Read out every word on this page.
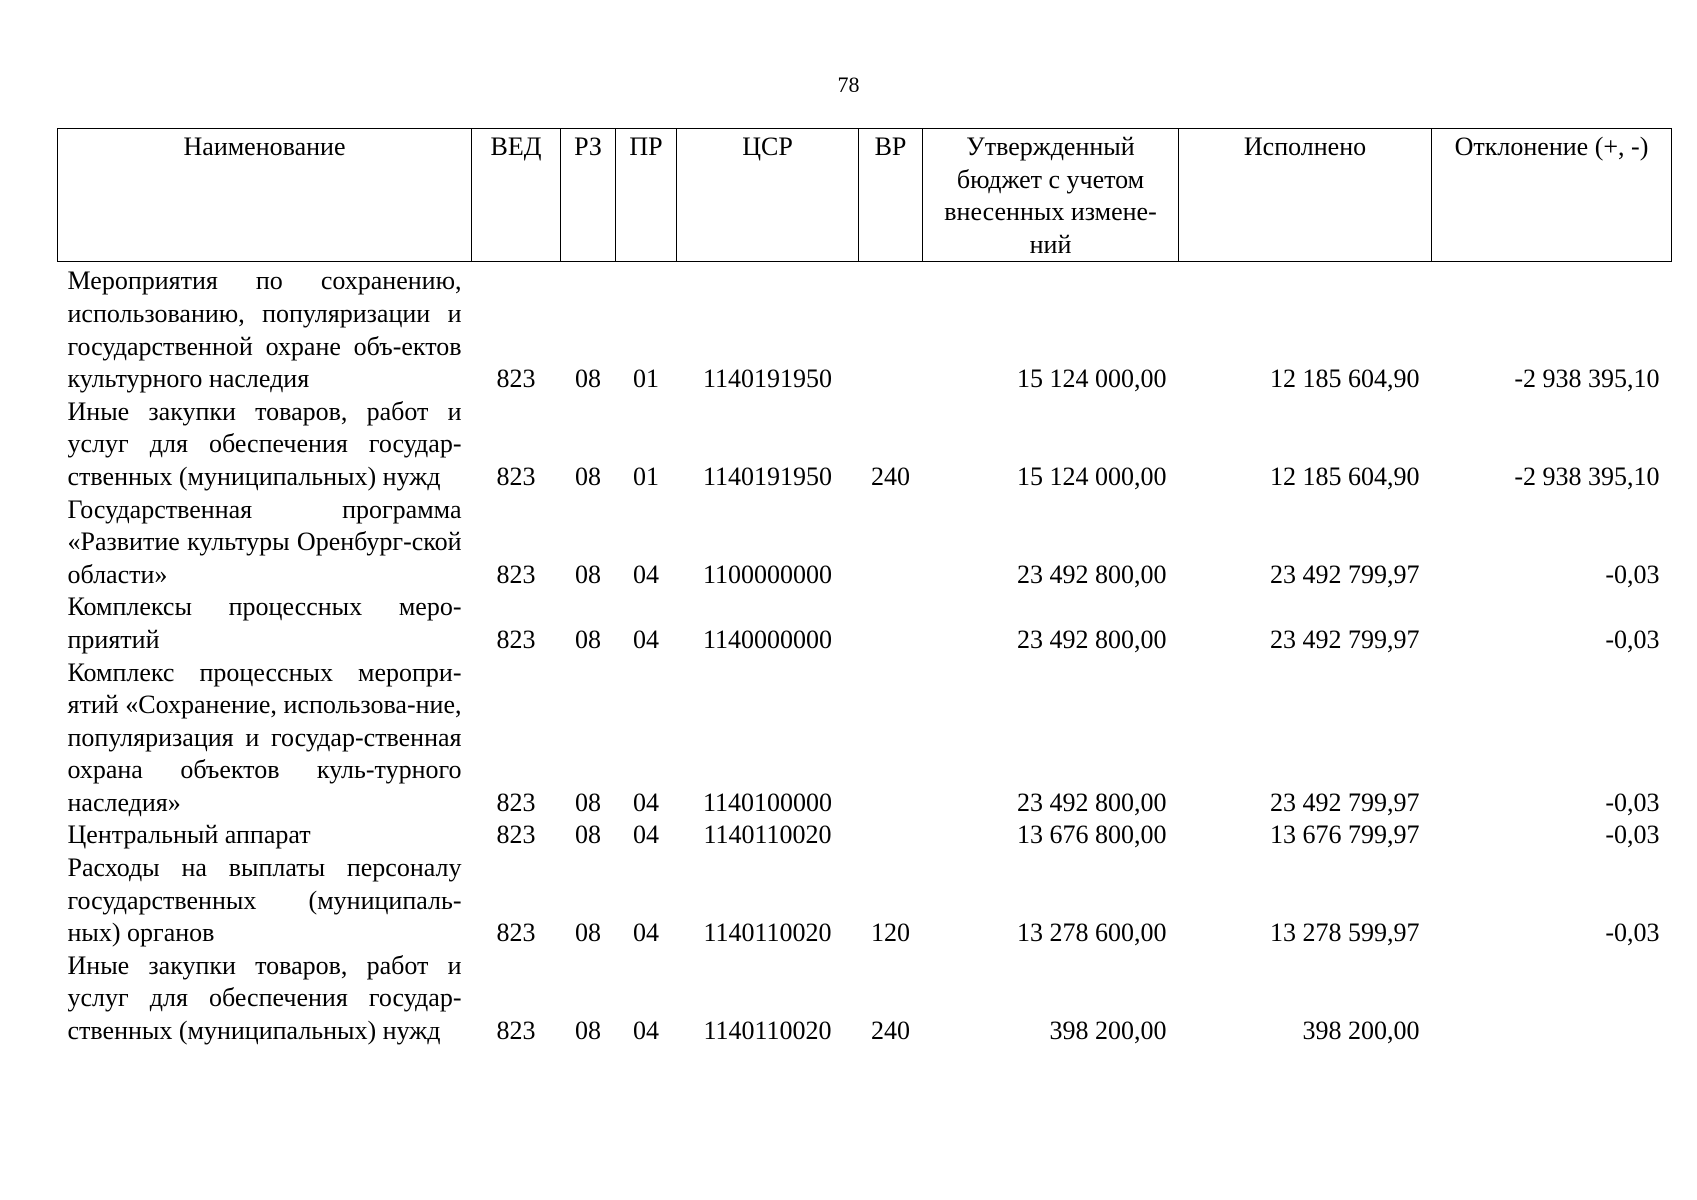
78
Наименование	ВЕД	РЗ	ПР	ЦСР	ВР	Утвержденный бюджет с учетом внесенных измене-ний	Исполнено	Отклонение (+, -)
Мероприятия по сохранению, использованию, популяризации и государственной охране объ-ектов культурного наследия	823	08	01	1140191950		15 124 000,00	12 185 604,90	-2 938 395,10
Иные закупки товаров, работ и услуг для обеспечения государ-ственных (муниципальных) нужд	823	08	01	1140191950	240	15 124 000,00	12 185 604,90	-2 938 395,10
Государственная программа «Развитие культуры Оренбург-ской области»	823	08	04	1100000000		23 492 800,00	23 492 799,97	-0,03
Комплексы процессных меро-приятий	823	08	04	1140000000		23 492 800,00	23 492 799,97	-0,03
Комплекс процессных меропри-ятий «Сохранение, использова-ние, популяризация и государ-ственная охрана объектов куль-турного наследия»	823	08	04	1140100000		23 492 800,00	23 492 799,97	-0,03
Центральный аппарат	823	08	04	1140110020		13 676 800,00	13 676 799,97	-0,03
Расходы на выплаты персоналу государственных (муниципаль-ных) органов	823	08	04	1140110020	120	13 278 600,00	13 278 599,97	-0,03
Иные закупки товаров, работ и услуг для обеспечения государ-ственных (муниципальных) нужд	823	08	04	1140110020	240	398 200,00	398 200,00	
